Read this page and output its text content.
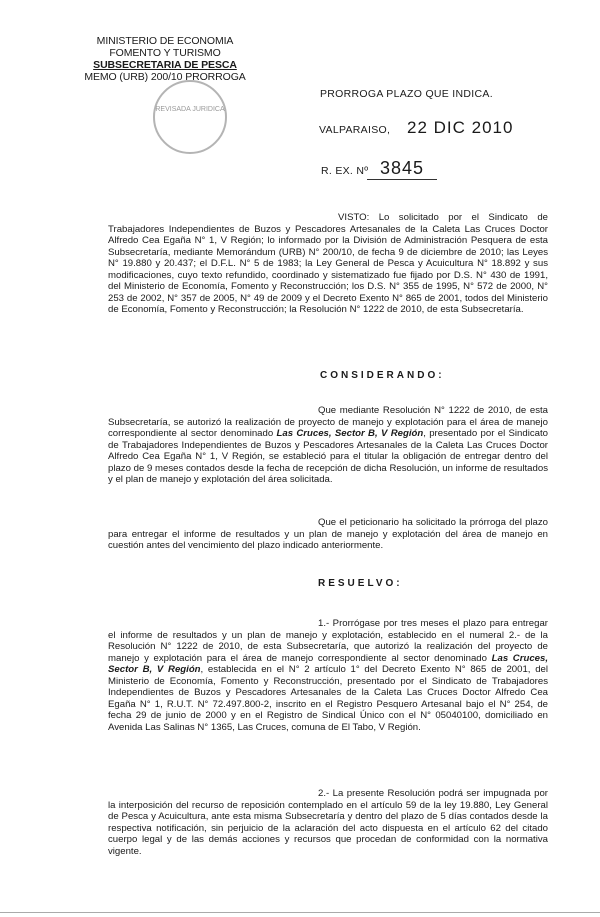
MINISTERIO DE ECONOMIA
FOMENTO Y TURISMO
SUBSECRETARIA DE PESCA
MEMO (URB) 200/10 PRORROGA
REVISADA JURIDICA
PRORROGA PLAZO QUE INDICA.
VALPARAISO, 22 DIC 2010
R. EX. Nº 3845
VISTO: Lo solicitado por el Sindicato de Trabajadores Independientes de Buzos y Pescadores Artesanales de la Caleta Las Cruces Doctor Alfredo Cea Egaña N° 1, V Región; lo informado por la División de Administración Pesquera de esta Subsecretaría, mediante Memorándum (URB) N° 200/10, de fecha 9 de diciembre de 2010; las Leyes N° 19.880 y 20.437; el D.F.L. N° 5 de 1983; la Ley General de Pesca y Acuicultura N° 18.892 y sus modificaciones, cuyo texto refundido, coordinado y sistematizado fue fijado por D.S. N° 430 de 1991, del Ministerio de Economía, Fomento y Reconstrucción; los D.S. N° 355 de 1995, N° 572 de 2000, N° 253 de 2002, N° 357 de 2005, N° 49 de 2009 y el Decreto Exento N° 865 de 2001, todos del Ministerio de Economía, Fomento y Reconstrucción; la Resolución N° 1222 de 2010, de esta Subsecretaría.
CONSIDERANDO:
Que mediante Resolución N° 1222 de 2010, de esta Subsecretaría, se autorizó la realización de proyecto de manejo y explotación para el área de manejo correspondiente al sector denominado Las Cruces, Sector B, V Región, presentado por el Sindicato de Trabajadores Independientes de Buzos y Pescadores Artesanales de la Caleta Las Cruces Doctor Alfredo Cea Egaña N° 1, V Región, se estableció para el titular la obligación de entregar dentro del plazo de 9 meses contados desde la fecha de recepción de dicha Resolución, un informe de resultados y el plan de manejo y explotación del área solicitada.
Que el peticionario ha solicitado la prórroga del plazo para entregar el informe de resultados y un plan de manejo y explotación del área de manejo en cuestión antes del vencimiento del plazo indicado anteriormente.
RESUELVO:
1.- Prorrógase por tres meses el plazo para entregar el informe de resultados y un plan de manejo y explotación, establecido en el numeral 2.- de la Resolución N° 1222 de 2010, de esta Subsecretaría, que autorizó la realización del proyecto de manejo y explotación para el área de manejo correspondiente al sector denominado Las Cruces, Sector B, V Región, establecida en el N° 2 artículo 1° del Decreto Exento N° 865 de 2001, del Ministerio de Economía, Fomento y Reconstrucción, presentado por el Sindicato de Trabajadores Independientes de Buzos y Pescadores Artesanales de la Caleta Las Cruces Doctor Alfredo Cea Egaña N° 1, R.U.T. N° 72.497.800-2, inscrito en el Registro Pesquero Artesanal bajo el N° 254, de fecha 29 de junio de 2000 y en el Registro de Sindical Único con el N° 05040100, domiciliado en Avenida Las Salinas N° 1365, Las Cruces, comuna de El Tabo, V Región.
2.- La presente Resolución podrá ser impugnada por la interposición del recurso de reposición contemplado en el artículo 59 de la ley 19.880, Ley General de Pesca y Acuicultura, ante esta misma Subsecretaría y dentro del plazo de 5 días contados desde la respectiva notificación, sin perjuicio de la aclaración del acto dispuesta en el artículo 62 del citado cuerpo legal y de las demás acciones y recursos que procedan de conformidad con la normativa vigente.
